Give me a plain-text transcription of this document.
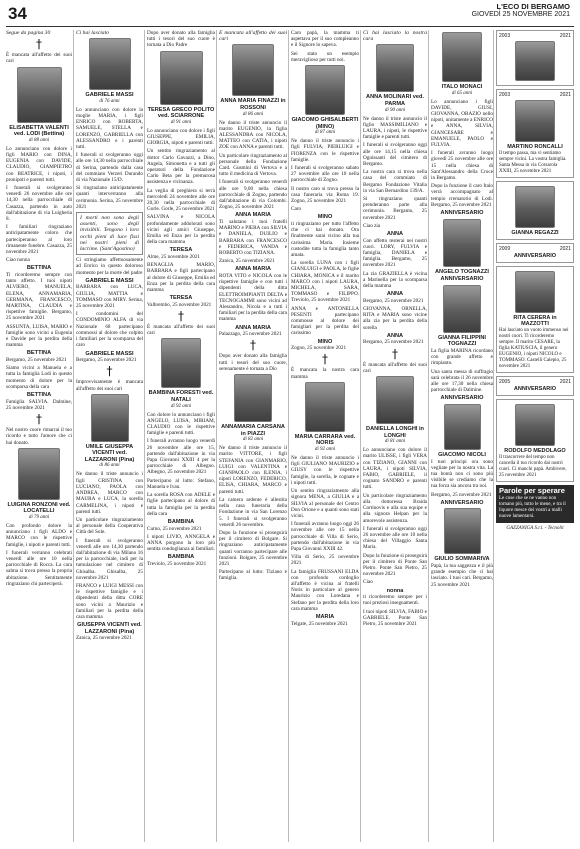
34	L'ECO DI BERGAMO
GIOVEDÌ 25 NOVEMBRE 2021

Segue da pagina 30

†

È mancata all'affetto dei suoi cari

ELISABETTA VALENTI ved. LODI (Bettina)
di 88 anni

Lo annunciano con dolore i figli MARIO con DINA, EUGENIA con DAVIDE, CLAUDIO, GIAMPIETRO con BEATRICE, i nipoti, i pronipoti e parenti tutti.

I funerali si svolgeranno venerdì 26 novembre alle ore 14,30 nella parrocchiale di Casazza, partendo in auto dall'abitazione di via Luigheria 8.

I familiari ringraziano anticipatamente coloro che parteciperanno al loro rimanente funebre. Casazza, 25 novembre 2021

Ciao nonna

BETTINA

Ti ricorderemo sempre con tanto affetto. I tuoi nipoti ALVIERO, MANUELA, ELENA, ANNAMARIA, GERMANA, FRANCESCO, MARTINA, CLAUDIA e rispettive famiglie. Bergamo, 25 novembre 2021

ASSUNTA, LUISA, MARIO e famiglie sono vicini a Eugenia e Davide per la perdita della mamma

BETTINA

Bergamo, 25 novembre 2021

Siamo vicini a Manuela e a tutta la famiglia Lodi in questo momento di dolore per la scomparsa della cara

BETTINA

Famiglia SALVIA. Dalmine, 25 novembre 2021

†

Nel nostro cuore rimarrai il tuo ricordo e tutto l'amore che ci hai donato.

LUIGINA RONZONI ved. LOCATELLI
di 79 anni

Con profondo dolore la annunciano i figli ALDO e MARCO con le rispettive famiglie, i nipoti e parenti tutti.

I funerali verranno celebrati venerdì alle ore 10 nella parrocchiale di Rocca. La cara salma si trova presso la propria abitazione. Sentitamente ringraziano chi parteciperà.

Ci hai lasciato

GABRIELE MASSI
di 76 anni

Lo annunciano con dolore la moglie MARIA, i figli ENRICO con ROBERTA, SAMUELE, STELLA e LORENZO, GABRIELLA con ALESSANDRO e i parenti tutti.

I funerali si svolgeranno oggi alle ore 14,30 nella parrocchiale di Serina, partendo dalla casa del commiato Verzeri Durando di via Nazionale 15/D.

Si ringraziano anticipatamente quanti interverranno alla cerimonia. Serina, 25 novembre 2021

I morti non sono degli assenti, sono degli invisibili. Tengono i loro occhi pieni di luce fissi nei nostri pieni di lacrime. (Sant'Agostino)

Ci stringiamo affettuosamente ad Enrico in questo doloroso momento per la morte del padre

GABRIELE MASSI

BARBARA con LUCA, GIULIA, MATTIA e TOMMASO con MIRY. Serina, 25 novembre 2021

I condomini del CONDOMINIO ALFA di via Nazionale 68 partecipano commossi al dolore che colpito i familiari per la scomparsa del caro

GABRIELE MASSI

Bergamo, 25 novembre 2021

†

Improvvisamente è mancata all'affetto dei suoi cari

UMILE GIUSEPPA VICENTI ved. LAZZARONI (Pina)
di 86 anni

Ne danno il triste annuncio i figli CRISTINA con LUCIANO, PAOLA con ANDREA, MARCO con MAURA e LUCA, la sorella CARMELINA, i nipoti e parenti tutti.

Un particolare ringraziamento al personale della Cooperativa Città del Sole.

I funerali si svolgeranno venerdì alle ore 14,30 partendo dall'abitazione di via Milano 16 per la parrocchiale, indi per la tumulazione nel cimitero di Ghisalba. Ghisalba, 25 novembre 2021

FRANCO e LUIGI MESSI con le rispettive famiglie e i dipendenti della ditta CORE sono vicini a Maurizio e familiari per la perdita della cara mamma

GIUSEPPA VICENTI ved. LAZZARONI (Pina)

Zanica, 25 novembre 2021

Dopo aver donato alla famiglia tutti i tesori del suo cuore è tornata a Dio Padre

TERESA GRECO POLITO ved. SCIARRONE
di 91 anni

Lo annunciano con dolore i figli GIUSEPPE, EMILIA, GIORGIA, nipoti e parenti tutti.

Un sentito ringraziamento al dottor Carlo Gavazzi, a Dino, Angela, Simonetta e a tutti gli operatori della Fondazione Carlo Beta per la premurosa assistenza e vicinanza.

La veglia di preghiera si terrà mercoledì 24 novembre alle ore 20,30 nella parrocchiale di Gorle. Gorle, 25 novembre 2021

SALVINA e NICOLA profondamente addolorati sono vicini agli amici Giuseppe, Emilia ed Enza per la perdita della cara mamma

TERESA

Alme, 25 novembre 2021

BENAGLIA MARIO, BARBARA e figli partecipano al dolore di Giuseppe, Emilia ed Enza per la perdita della cara mamma

TERESA

Valbrembo, 25 novembre 2021

†

È mancata all'affetto dei suoi cari

BAMBINA FORESTI ved. NATALI
di 92 anni

Con dolore lo annunciano i figli ANGELO, LUISA, MIRIAM, CLAUDIO con le rispettive famiglie e parenti tutti.

I funerali avranno luogo venerdì 26 novembre alle ore 15, partendo dall'abitazione in via Papa Giovanni XXIII 4 per la parrocchiale di Albegno. Albegno, 25 novembre 2021

Partecipano al lutto: Stefano, Manuela e Ivan.

La sorella ROSA con ADELE e figlie partecipano al dolore di tutta la famiglia per la perdita della cara

BAMBINA

Curno, 25 novembre 2021

I nipoti LIVIO, ANNGELA e ANNA porgono la loro più sentita condoglianza ai familiari.

BAMBINA

Treviolo, 25 novembre 2021

È mancata all'affetto dei suoi cari

ANNA MARIA FINAZZI in ROSSONI
di 86 anni

Ne danno il triste annuncio il marito EUGENIO, la figlia ALESSANDRA con NICOLA, MATTEO con CATIA, i nipoti ZOE con ANNA e parenti tutti.

Un particolare ringraziamento al personale della Fondazione Card. Gusmini di Vertova e a tutto il medicina di Vertova.

I funerali si svolgeranno venerdì alle ore 9,00 nella chiesa parrocchiale di Zogno, partendo dall'abitazione di via Colombi. Zogno, 25 novembre 2021

ANNA MARIA

Ti salutano i tuoi fratelli MARINO e PIERA con SILVIA e DANIELA, DUILIO e BARBARA con FRANCESCO e FEDERICA, VANDA e ROBERTO con TIZIANA.

Zanica, 25 novembre 2021

ANNA MARIA

ROTA VITO e NICOLA con le rispettive famiglie e con tutti i dipendenti della ditta ELETTROIMPIANTI DELTA e TECNOGAMMI sono vicini ad Alessandro, Nicola e a tutti i familiari per la perdita della cara mamma

ANNA MARIA

Palazzago, 25 novembre 2021

†

Dopo aver donato alla famiglia tutti i tesori del suo cuore, serenamente è tornata a Dio

ANNAMARIA CARSANA in PIAZZI
di 82 anni

Ne danno il triste annuncio il marito VITTORE, i figli STEFANIA con GIANMARIO, LUIGI con VALENTINA e GIANPAOLO con ILENIA, i nipoti LORENZO, FEDERICO, ELISA, CHIARA, MARCO e parenti tutti.

La camera ardente è allestita nella casa funeraria della Fondazione in via San Lorenzo 5. I funerali si svolgeranno venerdì 26 novembre.

Dopo la funzione si proseguirà per il cimitero di Bolgare. Si ringraziano anticipatamente quanti vorranno partecipare alle funzioni. Bolgare, 25 novembre 2021

Partecipano al lutto: Tiziano e famiglia.

Caro papà, la mamma ti aspettava per il suo compleanno e il Signore lo sapeva.

Sei stato un esempio meraviglioso per tutti noi.

GIACOMO GHISALBERTI (MINO)
di 87 anni

Ne danno il triste annuncio i figli FULVIA, PIERLUIGI e FIORENZA con le rispettive famiglie.

I funerali si svolgeranno sabato 27 novembre alle ore 10 nella parrocchiale di Zogno.

Il nostro caro si trova presso la casa funeraria via Roma 19. Zogno, 25 novembre 2021

Caro

MINO

ti ringraziamo per tutto l'affetto che ci hai donato. Ora finalmente sarai vicino alla tua carissima Maria. Insieme custodite tutta la famiglia tanto amata.

La sorella LUNA con i figli GIANLUIGI e PAOLA, le figlie CHIARA, MONICA e il marito MARCO con i nipoti LAURA, MICHELA, SARA, TOMMASO e FILIPPO. Treviolo, 25 novembre 2021

ANNA e ANTONELLA PESENTI partecipano commosse al dolore dei famigliari per la perdita del carissimo

MINO

Zogno, 25 novembre 2021

†

È mancata la nostra cara mamma

MARIA CARRARA ved. NORIS
di 92 anni

Ne danno il triste annuncio i figli GIULIANO MAURIZIO e GIUSY con le rispettive famiglie, la sorella, le cognate e i nipoti tutti.

Un sentito ringraziamento alla signora MENA, a GIULIA e a SILVIA al personale del Centro Don Orione e a quanti sono stati vicini.

I funerali avranno luogo oggi 26 novembre alle ore 15 nella parrocchiale di Villa di Serio, partendo dall'abitazione in via Papa Giovanni XXIII 42.

Villa di Serio, 25 novembre 2021

La famiglia FRUSSANI ELDA con profondo cordoglio all'affetto è vicina ai fratelli Noris in particolare al genero Maurizio con Loredana e Stefano per la perdita della loro cara mamma

MARIA

Telgate, 25 novembre 2021

Ci hai lasciato la nostra cara

ANNA MOLINARI ved. PARMA
di 90 anni

Ne danno il triste annuncio il figlio MASSIMILIANO e LAURA, i nipoti, le rispettive famiglie e parenti tutti.

I funerali si svolgeranno oggi alle ore 14,15 nella chiesa Ognissanti del cimitero di Bergamo.

La nostra cara si trova nella casa del commiato di Bergamo Fondazione Vitalia in via San Bernardino 139/A.

Si ringraziano quanti prenderanno parte alla cerimonia. Bergamo, 25 novembre 2021

Ciao zia

ANNA

Con affetto resterai nei nostri cuori. LORY, FULVIA e famiglia, DANIELA e famiglia. Bergamo, 25 novembre 2021

La zia GRAZIELLA è vicina a Marinella per la scomparsa della mamma

ANNA

Bergamo, 25 novembre 2021

GIOVANNA, ORNELLA, RITA e MARIA sono vicine alla zia per la perdita della sorella

ANNA

Bergamo, 25 novembre 2021

†

È mancata all'affetto dei suoi cari

DANIELLA LONGHI in LONGHI
di 81 anni

Lo annunciano con dolore il marito ULISSE, i figli VERA con TIZIANO, GIANNI con LAURA, i nipoti SILVIA, FABIO, GABRIELE, il cognato SANDRO e parenti tutti.

Un particolare ringraziamento alla dottoressa Braida Cortinovis e alla sua equipe e alla signora Helpan per la amorevole assistenza.

I funerali si svolgeranno oggi 26 novembre alle ore 10 nella chiesa del Villaggio Santa Maria.

Dopo la funzione si proseguirà per il cimitero di Ponte San Pietro. Ponte San Pietro, 25 novembre 2021

Ciao

nonna

ti ricorderemo sempre per i tuoi preziosi insegnamenti.

I tuoi nipoti SILVIA, FABIO e GABRIELE. Ponte San Pietro, 25 novembre 2021

ITALO MONACI
di 65 anni

Lo annunciano i figli DAVIDE, GIUSI, GIOVANNA, ORAZIO nello nipoti, unitamente a ENRICO e ANNA, SILVIA, GIANCESARE e EMANUELE, PAOLO e FULVIA.

I funerali avranno luogo giovedì 25 novembre alle ore 15 nella chiesa di Sant'Alessandro della Croce in Bergamo.

Dopo la funzione il caro Italo verrà accompagnato al tempio crematorio di Lodi. Bergamo, 25 novembre 2021

ANNIVERSARIO
ANGELO TOGNAZZI
ANNIVERSARIO
GIANNA FILIPPINI TOGNAZZI

La figlia MARINA ricordano con grande affetto e rimpianto.

Una santa messa di suffragio sarà celebrata il 26 novembre alle ore 17,30 nella chiesa parrocchiale di Dalmine.

ANNIVERSARIO
GIACOMO NICOLI

I tuoi principi ora sono vegliate per la nostra vita. La tua bontà non ci sono più visibile se crediamo che la tua forza sia ancora tra noi.

Bergamo, 25 novembre 2021

ANNIVERSARIO
GIULIO SOMMARIVA

Papà, la tua saggezza e il più grande esempio che ci hai lasciato. I tuoi cari. Bergamo, 25 novembre 2021

2003	2021
2003	2021
MARTINO RONCALLI
Il tempo passa, ma vi sentiamo sempre vicini. La vostra famiglia. Santa Messa in via Corsarola XXIII, 25 novembre 2021
GIANNA REGAZZI
2009	2021
ANNIVERSARIO
RITA CERERA in MAZZOTTI
Hai lasciato un vuoto immenso nei nostri cuori. Ti ricorderemo sempre. Il marito CESARE, la figlia KATIUSCIA, il genero EUGENIO, i nipoti NICOLO e TOMMASO. Castelli Calepio, 25 novembre 2021
2005	2021
ANNIVERSARIO
RODOLFO MEDOLAGO
Il trascorrere del tempo non cancella il tuo ricordo dai nostri cuori. Ci manchi papà. Ambivere, 25 novembre 2021
Parole per sperare
Le cose che se ne vanno non tornano più, tutto le mene, e tra il liquore mesce dei vostri a malli nuove lamentarsi.
GAZZANIGA S.r.l. - Tecnolit
